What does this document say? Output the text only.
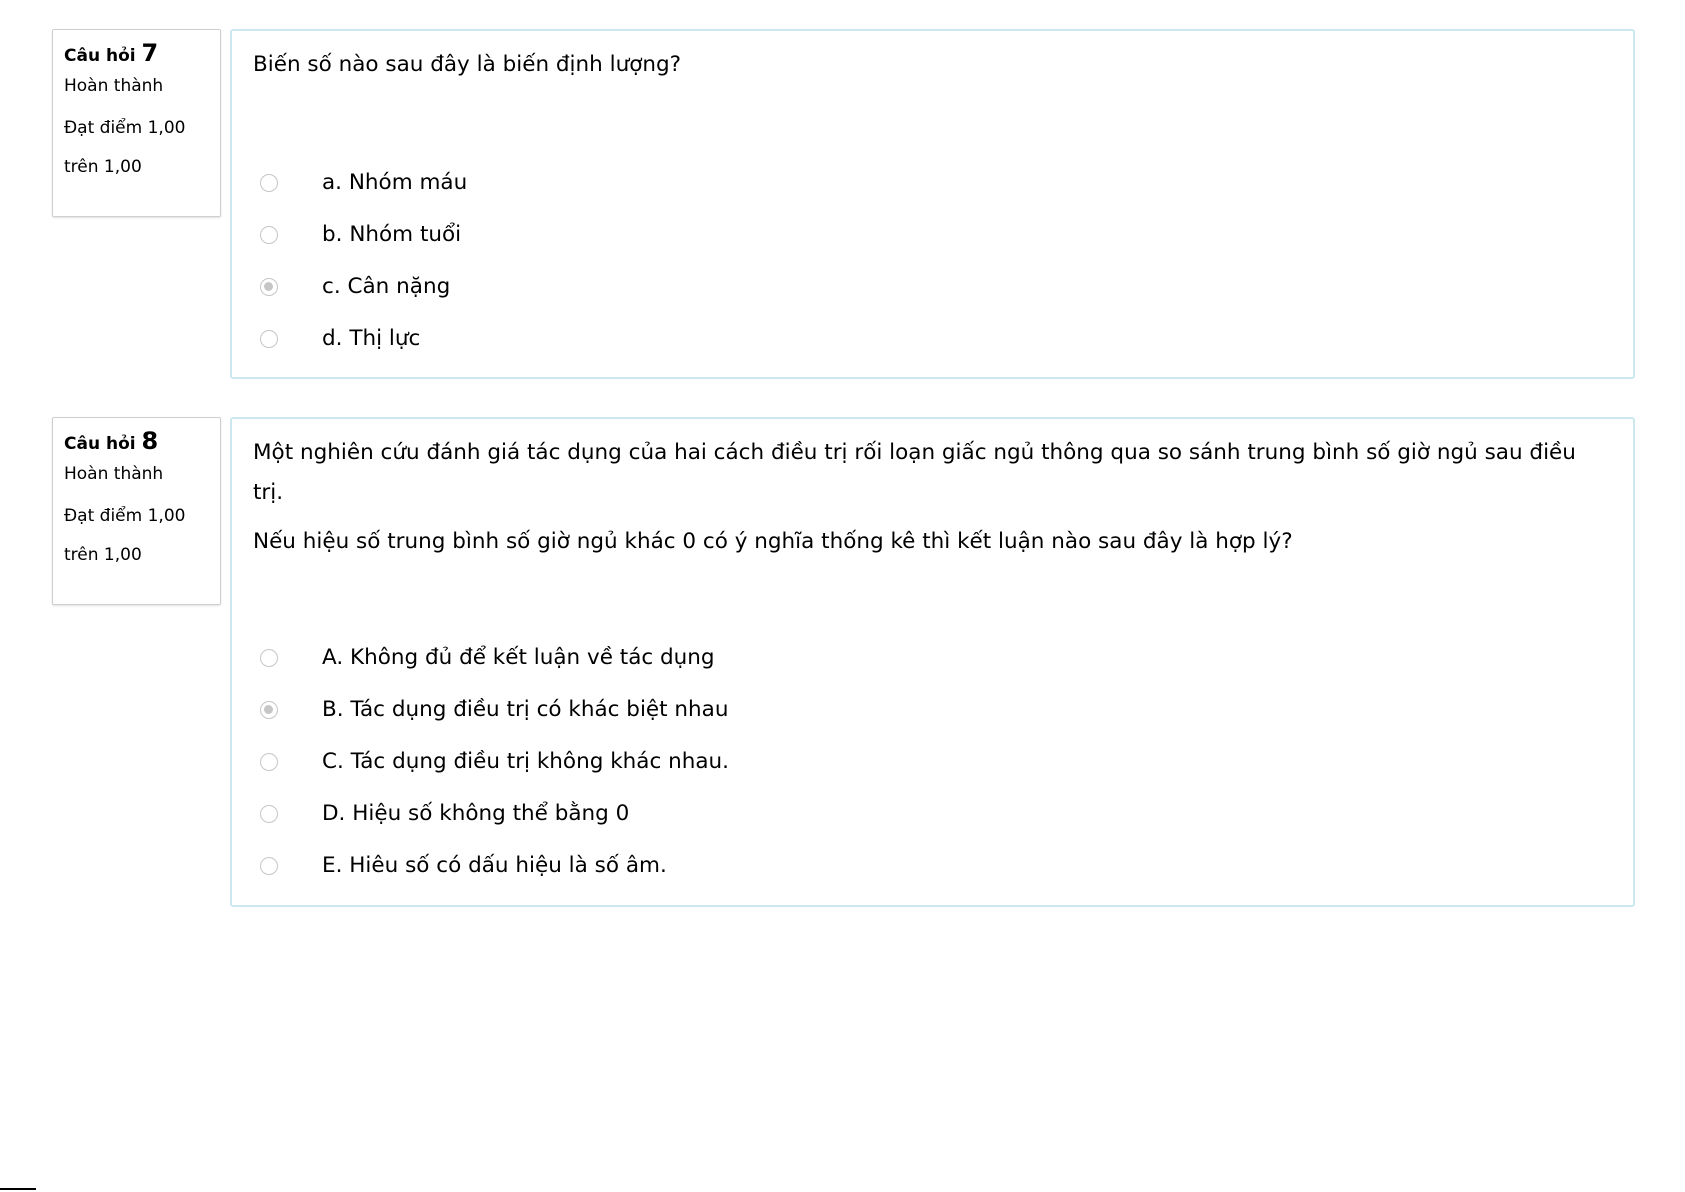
Câu hỏi 7
Hoàn thành
Đạt điểm 1,00
trên 1,00

Biến số nào sau đây là biến định lượng?

a. Nhóm máu
b. Nhóm tuổi
c. Cân nặng
d. Thị lực
Câu hỏi 8
Hoàn thành
Đạt điểm 1,00
trên 1,00

Một nghiên cứu đánh giá tác dụng của hai cách điều trị rối loạn giấc ngủ thông qua so sánh trung bình số giờ ngủ sau điều trị.

Nếu hiệu số trung bình số giờ ngủ khác 0 có ý nghĩa thống kê thì kết luận nào sau đây là hợp lý?

A. Không đủ để kết luận về tác dụng
B. Tác dụng điều trị có khác biệt nhau
C. Tác dụng điều trị không khác nhau.
D. Hiệu số không thể bằng 0
E. Hiêu số có dấu hiệu là số âm.
